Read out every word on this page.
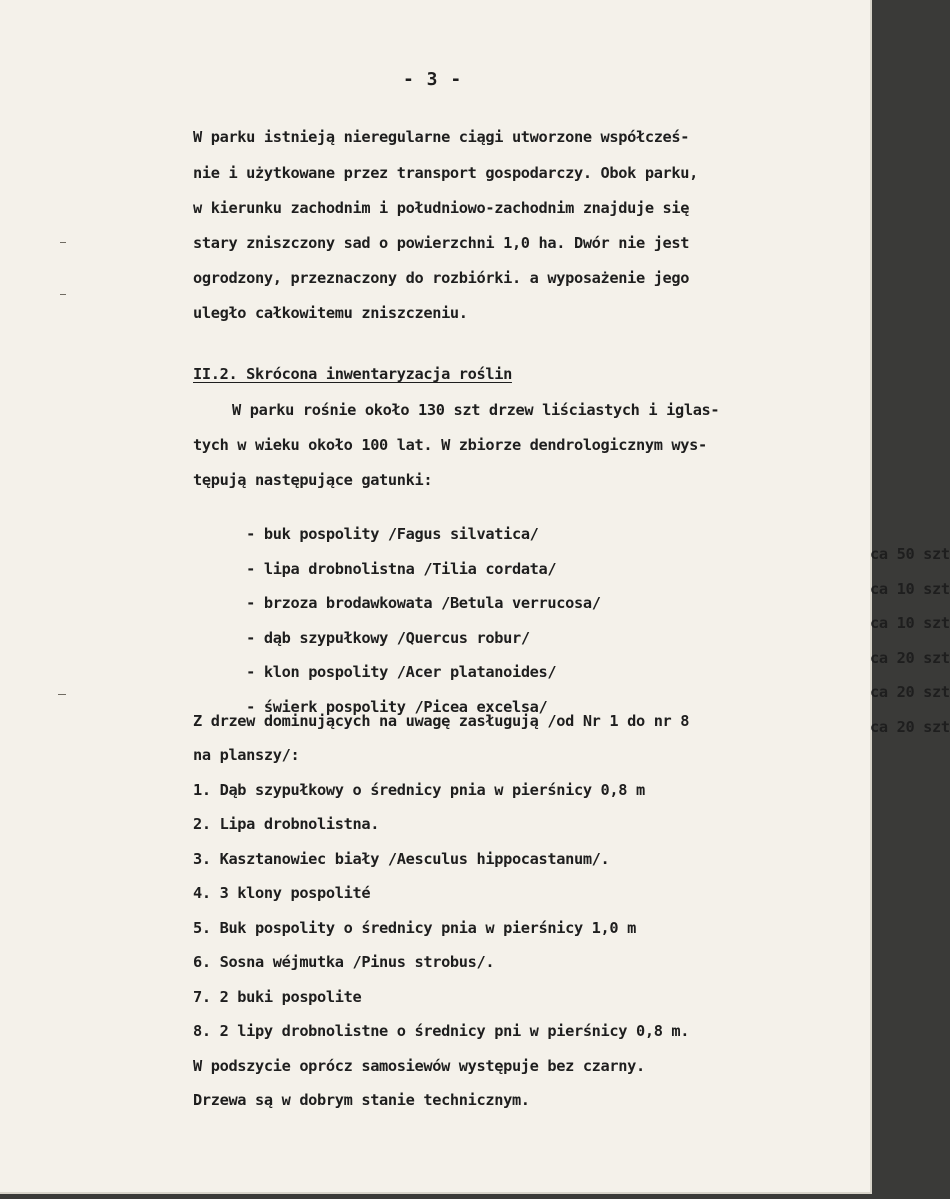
- 3 -
W parku istnieją nieregularne ciągi utworzone współcześ-
nie i użytkowane przez transport gospodarczy. Obok parku,
w kierunku zachodnim i południowo-zachodnim znajduje się
stary zniszczony sad o powierzchni 1,0 ha. Dwór nie jest
ogrodzony, przeznaczony do rozbiórki. a wyposażenie jego
uległo całkowitemu zniszczeniu.
II.2. Skrócona inwentaryzacja roślin
W parku rośnie około 130 szt drzew liściastych i iglas-
tych w wieku około 100 lat. W zbiorze dendrologicznym wys-
tępują następujące gatunki:

- buk pospolity /Fagus silvatica/

ca 50 szt

- lipa drobnolistna /Tilia cordata/

ca 10 szt

- brzoza brodawkowata /Betula verrucosa/

ca 10 szt

- dąb szypułkowy /Quercus robur/

ca 20 szt

- klon pospolity /Acer platanoides/

ca 20 szt

- świerk pospolity /Picea excelsa/

ca 20 szt

Z drzew dominujących na uwagę zasługują /od Nr 1 do nr 8
na planszy/:
1. Dąb szypułkowy o średnicy pnia w pierśnicy 0,8 m
2. Lipa drobnolistna.
3. Kasztanowiec biały /Aesculus hippocastanum/.
4. 3 klony pospolité
5. Buk pospolity o średnicy pnia w pierśnicy 1,0 m
6. Sosna wéjmutka /Pinus strobus/.
7. 2 buki pospolite
8. 2 lipy drobnolistne o średnicy pni w pierśnicy 0,8 m.
W podszycie oprócz samosiewów występuje bez czarny.
Drzewa są w dobrym stanie technicznym.
